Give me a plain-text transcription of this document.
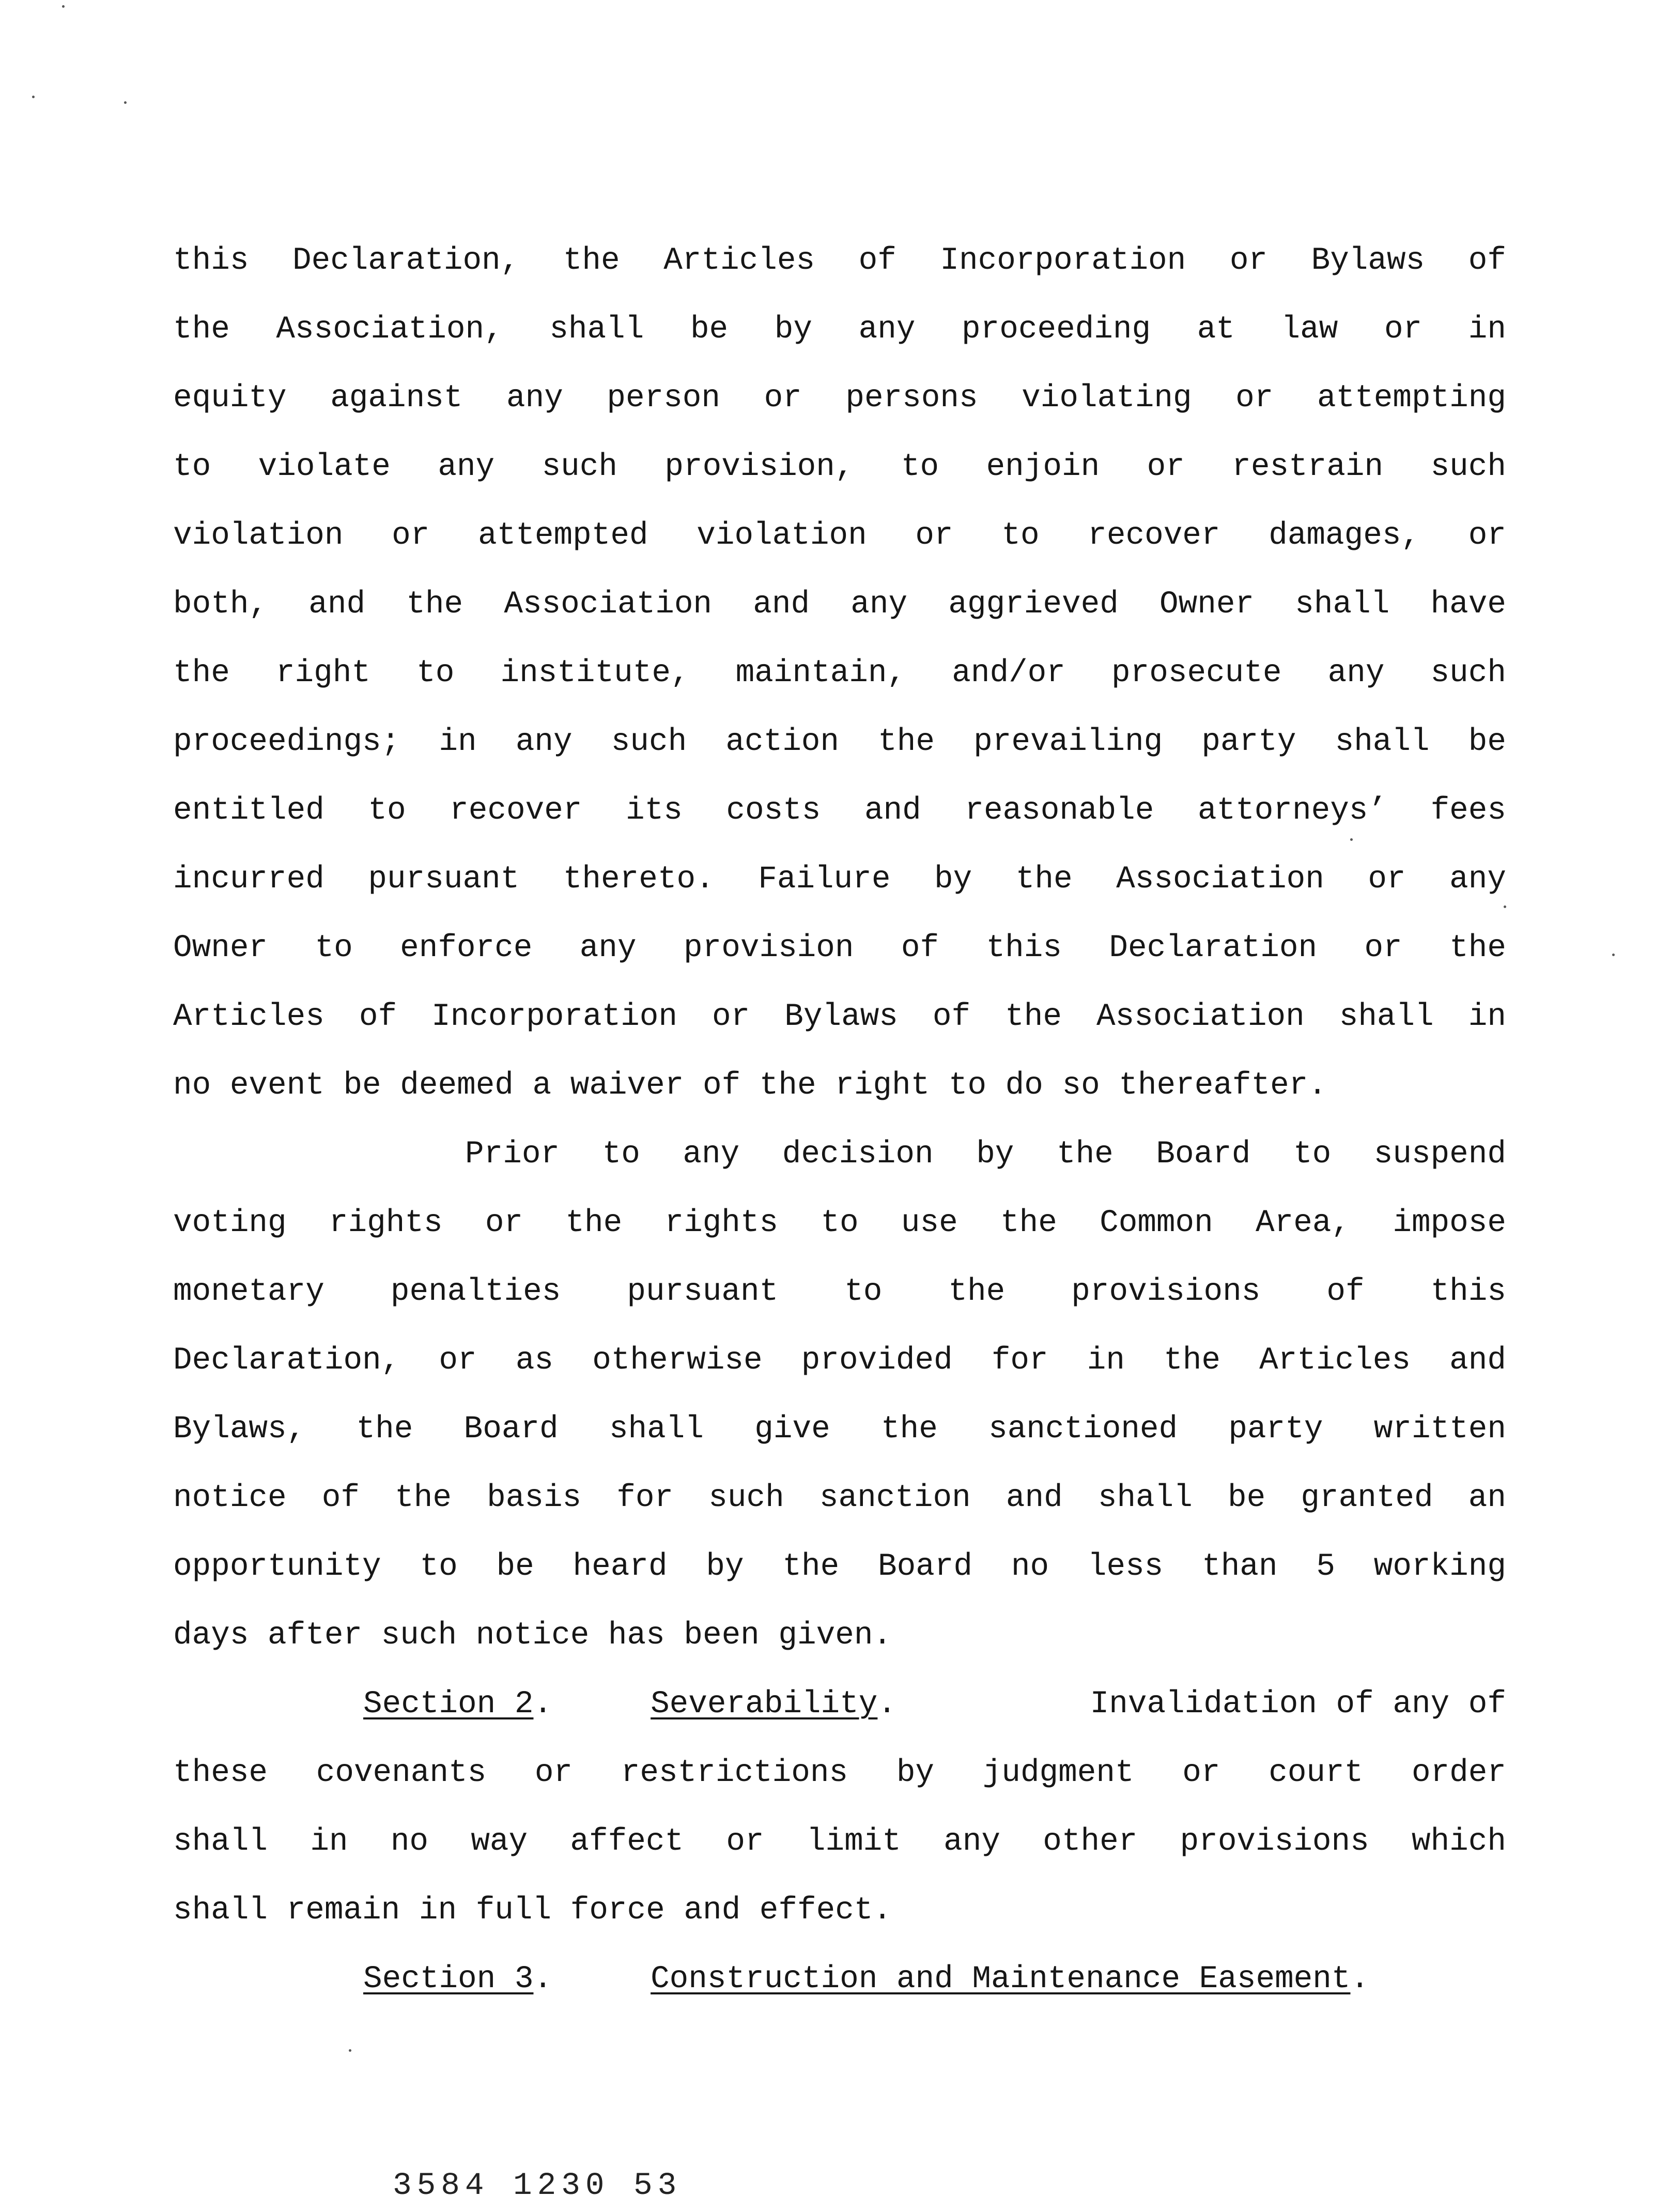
this Declaration, the Articles of Incorporation or Bylaws of
the Association, shall be by any proceeding at law or in
equity against any person or persons violating or attempting
to violate any such provision, to enjoin or restrain such
violation or attempted violation or to recover damages, or
both, and the Association and any aggrieved Owner shall have
the right to institute, maintain, and/or prosecute any such
proceedings; in any such action the prevailing party shall be
entitled to recover its costs and reasonable attorneys’ fees
incurred pursuant thereto. Failure by the Association or any
Owner to enforce any provision of this Declaration or the
Articles of Incorporation or Bylaws of the Association shall in
no event be deemed a waiver of the right to do so thereafter.
Prior to any decision by the Board to suspend
voting rights or the rights to use the Common Area, impose
monetary penalties pursuant to the provisions of this
Declaration, or as otherwise provided for in the Articles and
Bylaws, the Board shall give the sanctioned party written
notice of the basis for such sanction and shall be granted an
opportunity to be heard by the Board no less than 5 working
days after such notice has been given.
Section 2.	Severability.	Invalidation of any of
these covenants or restrictions by judgment or court order
shall in no way affect or limit any other provisions which
shall remain in full force and effect.
Section 3.	Construction and Maintenance Easement.
3584 1230 53
